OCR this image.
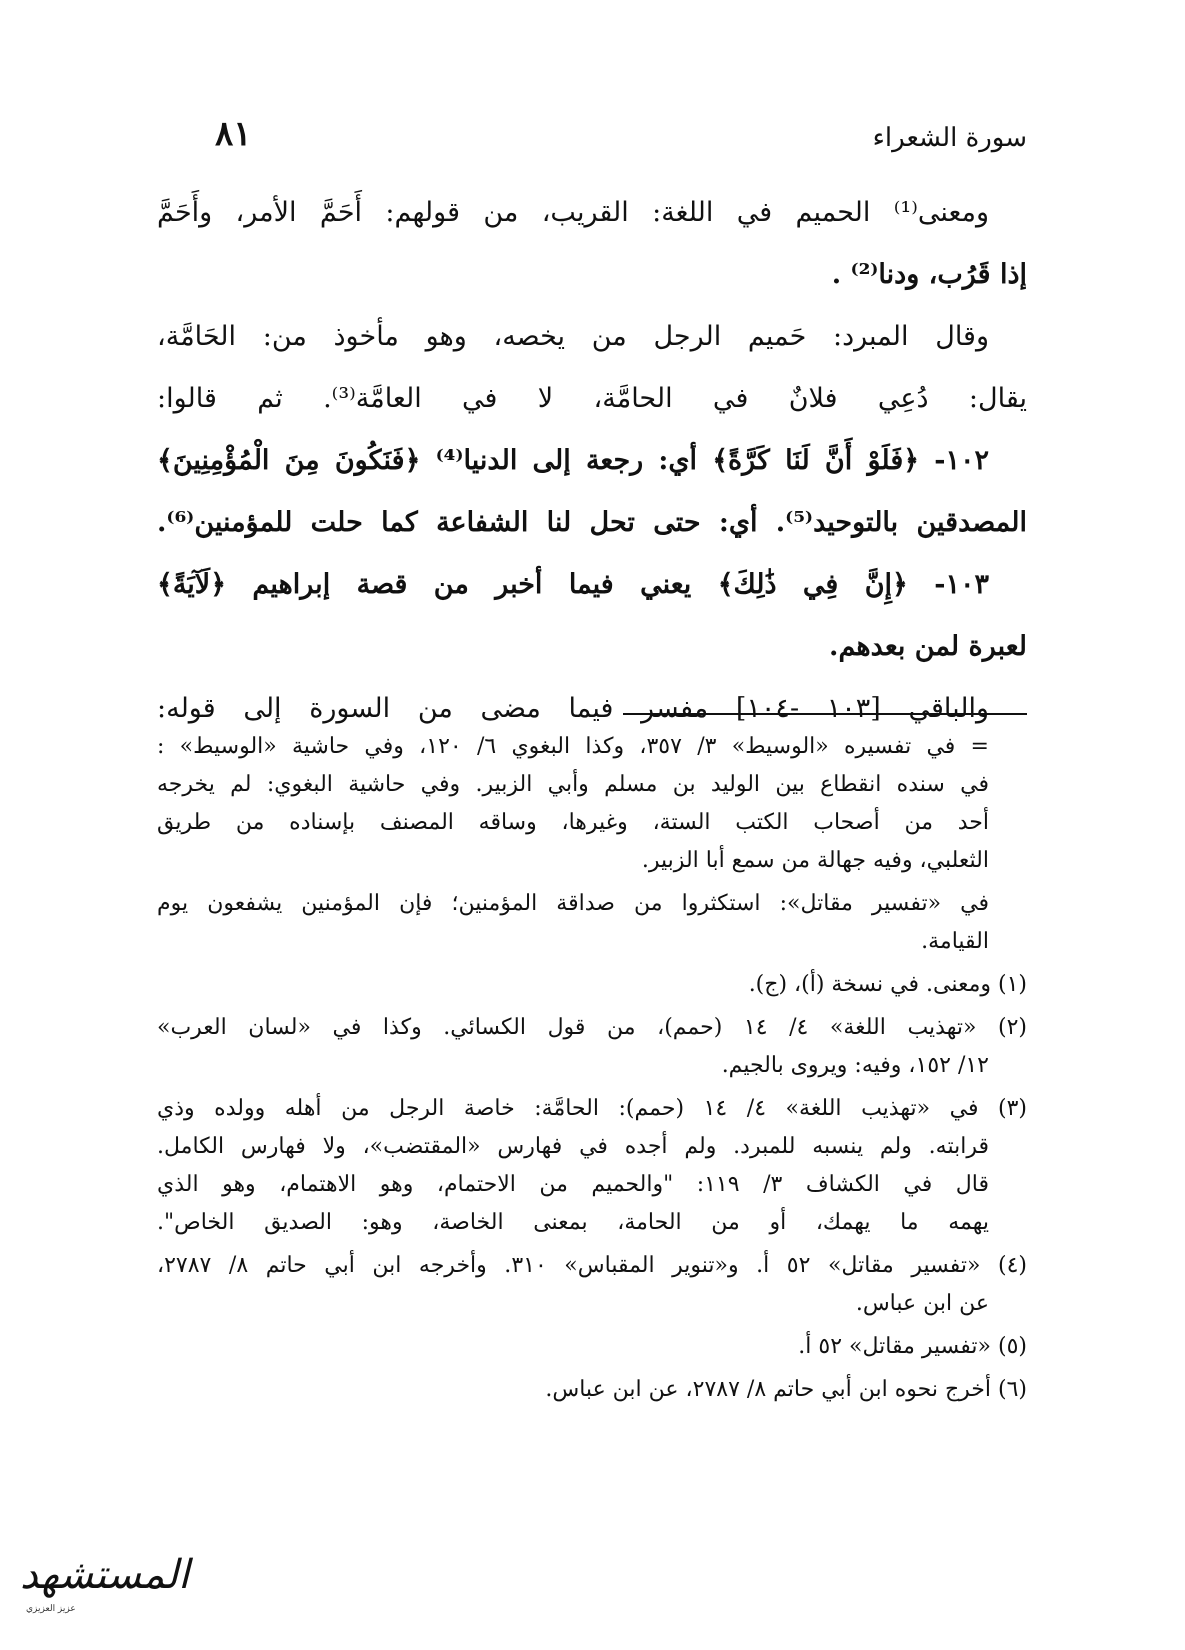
سورة الشعراء
٨١
ومعنى⁽¹⁾ الحميم في اللغة: القريب، من قولهم: أَحَمَّ الأمر، وأَحَمَّ
إذا قَرُب، ودنا⁽²⁾ .
وقال المبرد: حَميم الرجل من يخصه، وهو مأخوذ من: الحَامَّة،
يقال: دُعِي فلانٌ في الحامَّة، لا في العامَّة⁽³⁾. ثم قالوا:
١٠٢- ﴿فَلَوْ أَنَّ لَنَا كَرَّةً﴾ أي: رجعة إلى الدنيا⁽⁴⁾ ﴿فَنَكُونَ مِنَ الْمُؤْمِنِينَ﴾
المصدقين بالتوحيد⁽⁵⁾. أي: حتى تحل لنا الشفاعة كما حلت للمؤمنين⁽⁶⁾.
١٠٣- ﴿إِنَّ فِي ذَٰلِكَ﴾ يعني فيما أخبر من قصة إبراهيم ﴿لَآيَةً﴾
لعبرة لمن بعدهم.
والباقي [١٠٣ -١٠٤] مفسر فيما مضى من السورة إلى قوله:
= في تفسيره «الوسيط» ٣/ ٣٥٧، وكذا البغوي ٦/ ١٢٠، وفي حاشية «الوسيط» :
في سنده انقطاع بين الوليد بن مسلم وأبي الزبير. وفي حاشية البغوي: لم يخرجه
أحد من أصحاب الكتب الستة، وغيرها، وساقه المصنف بإسناده من طريق
الثعلبي، وفيه جهالة من سمع أبا الزبير.
في «تفسير مقاتل»: استكثروا من صداقة المؤمنين؛ فإن المؤمنين يشفعون يوم
القيامة.
(١) ومعنى. في نسخة (أ)، (ج).
(٢) «تهذيب اللغة» ٤/ ١٤ (حمم)، من قول الكسائي. وكذا في «لسان العرب»
١٢/ ١٥٢، وفيه: ويروى بالجيم.
(٣) في «تهذيب اللغة» ٤/ ١٤ (حمم): الحامَّة: خاصة الرجل من أهله وولده وذي
قرابته. ولم ينسبه للمبرد. ولم أجده في فهارس «المقتضب»، ولا فهارس الكامل.
قال في الكشاف ٣/ ١١٩: "والحميم من الاحتمام، وهو الاهتمام، وهو الذي
يهمه ما يهمك، أو من الحامة، بمعنى الخاصة، وهو: الصديق الخاص".
(٤) «تفسير مقاتل» ٥٢ أ. و«تنوير المقباس» ٣١٠. وأخرجه ابن أبي حاتم ٨/ ٢٧٨٧،
عن ابن عباس.
(٥) «تفسير مقاتل» ٥٢ أ.
(٦) أخرج نحوه ابن أبي حاتم ٨/ ٢٧٨٧، عن ابن عباس.
المستشهد
عزيز العزيزي
